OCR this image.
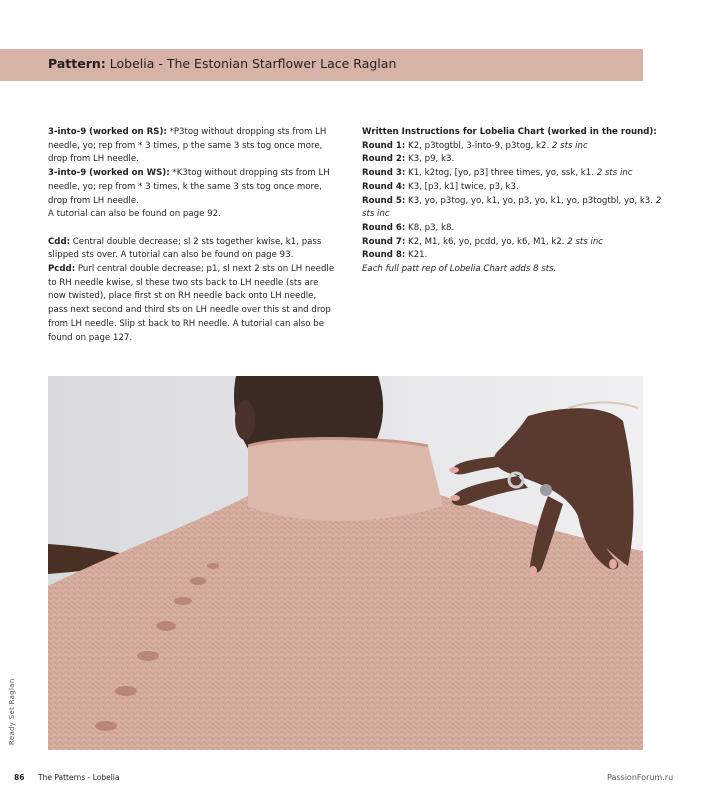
Pattern: Lobelia - The Estonian Starflower Lace Raglan

3-into-9 (worked on RS): *P3tog without dropping sts from LH needle, yo; rep from * 3 times, p the same 3 sts tog once more, drop from LH needle.

3-into-9 (worked on WS): *K3tog without dropping sts from LH needle, yo; rep from * 3 times, k the same 3 sts tog once more, drop from LH needle.

A tutorial can also be found on page 92.

Cdd: Central double decrease; sl 2 sts together kwise, k1, pass slipped sts over. A tutorial can also be found on page 93.

Pcdd: Purl central double decrease; p1, sl next 2 sts on LH needle to RH needle kwise, sl these two sts back to LH needle (sts are now twisted), place first st on RH needle back onto LH needle, pass next second and third sts on LH needle over this st and drop from LH needle. Slip st back to RH needle. A tutorial can also be found on page 127.

Written Instructions for Lobelia Chart (worked in the round):

Round 1: K2, p3togtbl, 3-into-9, p3tog, k2. 2 sts inc

Round 2: K3, p9, k3.

Round 3: K1, k2tog, [yo, p3] three times, yo, ssk, k1. 2 sts inc

Round 4: K3, [p3, k1] twice, p3, k3.

Round 5: K3, yo, p3tog, yo, k1, yo, p3, yo, k1, yo, p3togtbl, yo, k3. 2 sts inc

Round 6: K8, p3, k8.

Round 7: K2, M1, k6, yo, pcdd, yo, k6, M1, k2. 2 sts inc

Round 8: K21.

Each full patt rep of Lobelia Chart adds 8 sts.

Ready Set Raglan
86 The Patterns - Lobelia	PassionForum.ru
